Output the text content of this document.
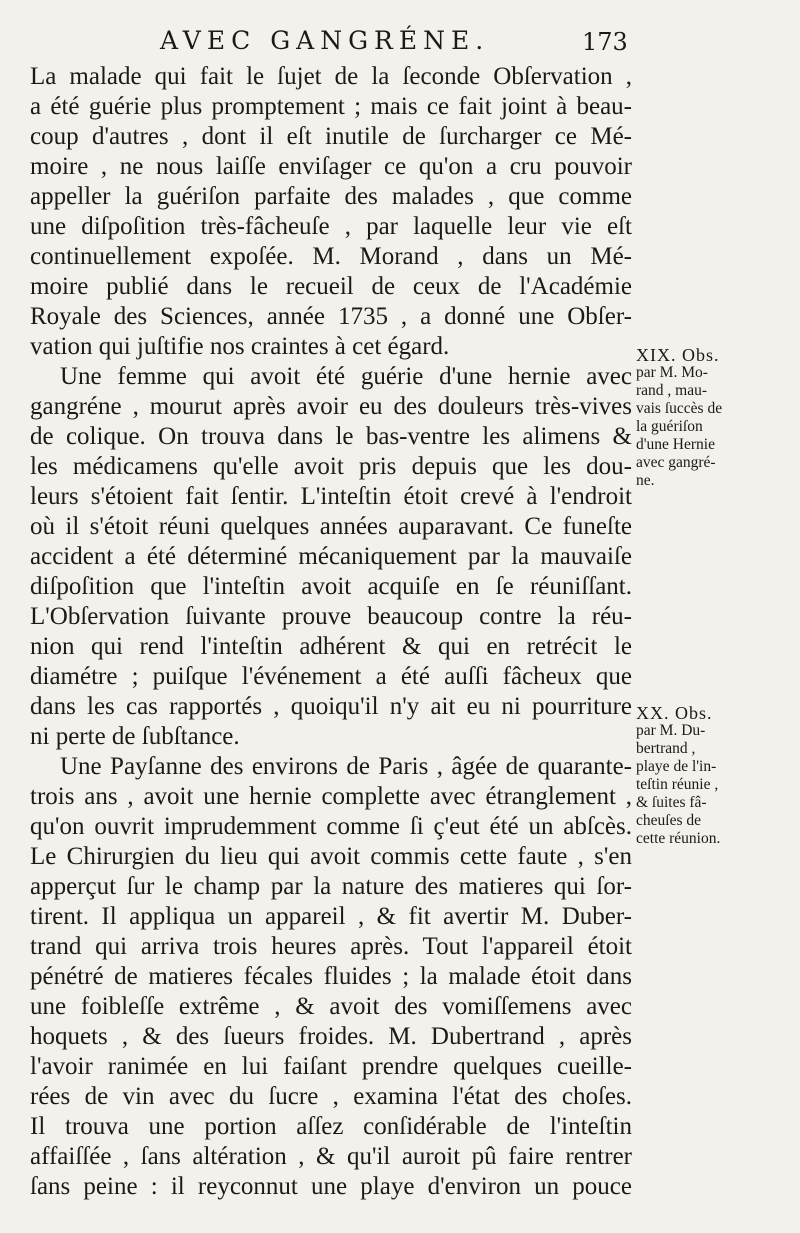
AVEC GANGRÉNE.	173
La malade qui fait le ſujet de la ſeconde Obſervation ,
a été guérie plus promptement ; mais ce fait joint à beau-
coup d'autres , dont il eſt inutile de ſurcharger ce Mé-
moire , ne nous laiſſe enviſager ce qu'on a cru pouvoir
appeller la guériſon parfaite des malades , que comme
une diſpoſition très-fâcheuſe , par laquelle leur vie eſt
continuellement expoſée. M. Morand , dans un Mé-
moire publié dans le recueil de ceux de l'Académie
Royale des Sciences, année 1735 , a donné une Obſer-
vation qui juſtifie nos craintes à cet égard.
Une femme qui avoit été guérie d'une hernie avec
gangréne , mourut après avoir eu des douleurs très-vives
de colique. On trouva dans le bas-ventre les alimens &
les médicamens qu'elle avoit pris depuis que les dou-
leurs s'étoient fait ſentir. L'inteſtin étoit crevé à l'endroit
où il s'étoit réuni quelques années auparavant. Ce funeſte
accident a été déterminé mécaniquement par la mauvaiſe
diſpoſition que l'inteſtin avoit acquiſe en ſe réuniſſant.
L'Obſervation ſuivante prouve beaucoup contre la réu-
nion qui rend l'inteſtin adhérent & qui en retrécit le
diamétre ; puiſque l'événement a été auſſi fâcheux que
dans les cas rapportés , quoiqu'il n'y ait eu ni pourriture
ni perte de ſubſtance.
Une Payſanne des environs de Paris , âgée de quarante-
trois ans , avoit une hernie complette avec étranglement ,
qu'on ouvrit imprudemment comme ſi ç'eut été un abſcès.
Le Chirurgien du lieu qui avoit commis cette faute , s'en
apperçut ſur le champ par la nature des matieres qui ſor-
tirent. Il appliqua un appareil , & fit avertir M. Duber-
trand qui arriva trois heures après. Tout l'appareil étoit
pénétré de matieres fécales fluides ; la malade étoit dans
une foibleſſe extrême , & avoit des vomiſſemens avec
hoquets , & des ſueurs froides. M. Dubertrand , après
l'avoir ranimée en lui faiſant prendre quelques cueille-
rées de vin avec du ſucre , examina l'état des choſes.
Il trouva une portion aſſez conſidérable de l'inteſtin
affaiſſée , ſans altération , & qu'il auroit pû faire rentrer
ſans peine : il reyconnut une playe d'environ un pouce
XIX. Obs.
par M. Mo-
rand , mau-
vais ſuccès de
la guériſon
d'une Hernie
avec gangré-
ne.
XX. Obs.
par M. Du-
bertrand ,
playe de l'in-
teſtin réunie ,
& ſuites fâ-
cheuſes de
cette réunion.
